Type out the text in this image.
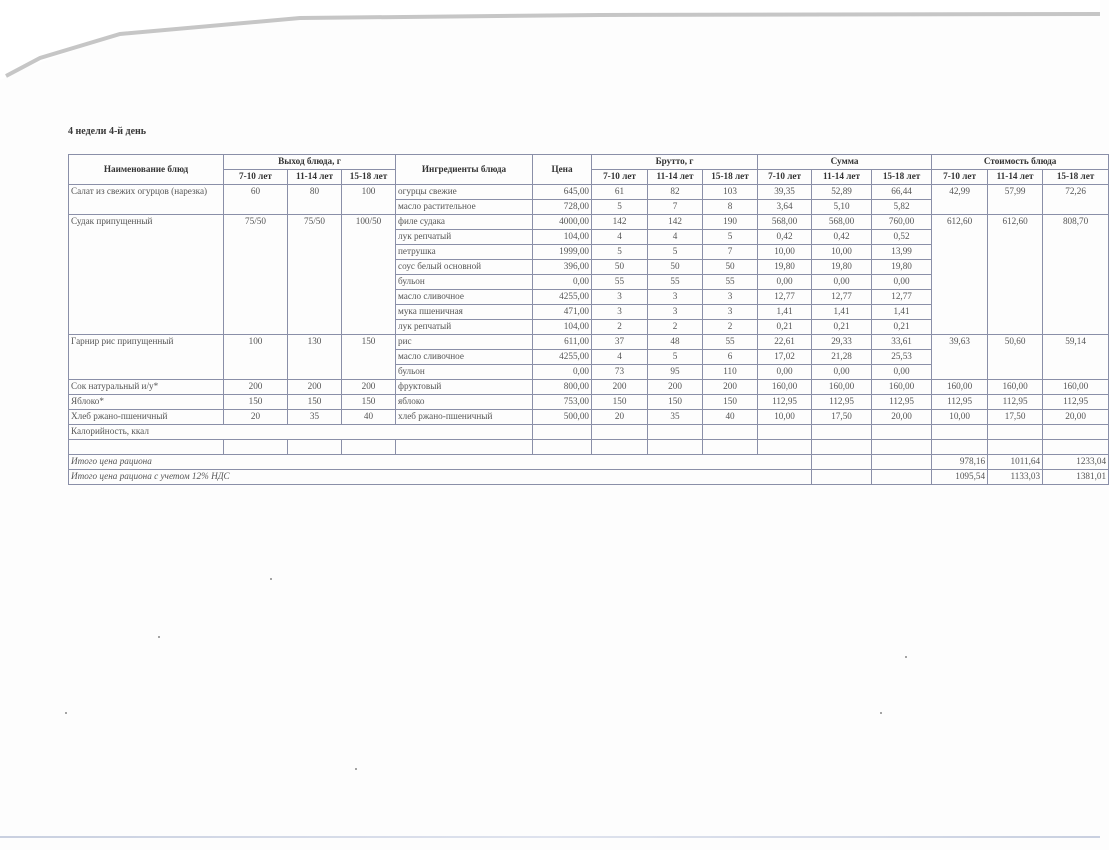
4 недели 4-й день
Наименование блюд	Выход блюда, г			Ингредиенты блюда	Цена	Брутто, г			Сумма			Стоимость блюда		
	7-10 лет	11-14 лет	15-18 лет			7-10 лет	11-14 лет	15-18 лет	7-10 лет	11-14 лет	15-18 лет	7-10 лет	11-14 лет	15-18 лет
Салат из свежих огурцов (нарезка)	60	80	100	огурцы свежие	645,00	61	82	103	39,35	52,89	66,44	42,99	57,99	72,26
				масло растительное	728,00	5	7	8	3,64	5,10	5,82			
Судак припущенный	75/50	75/50	100/50	филе судака	4000,00	142	142	190	568,00	568,00	760,00	612,60	612,60	808,70
				лук репчатый	104,00	4	4	5	0,42	0,42	0,52			
				петрушка	1999,00	5	5	7	10,00	10,00	13,99			
				соус белый основной	396,00	50	50	50	19,80	19,80	19,80			
				бульон	0,00	55	55	55	0,00	0,00	0,00			
				масло сливочное	4255,00	3	3	3	12,77	12,77	12,77			
				мука пшеничная	471,00	3	3	3	1,41	1,41	1,41			
				лук репчатый	104,00	2	2	2	0,21	0,21	0,21			
Гарнир рис припущенный	100	130	150	рис	611,00	37	48	55	22,61	29,33	33,61	39,63	50,60	59,14
				масло сливочное	4255,00	4	5	6	17,02	21,28	25,53			
				бульон	0,00	73	95	110	0,00	0,00	0,00			
Сок натуральный и/у*	200	200	200	фруктовый	800,00	200	200	200	160,00	160,00	160,00	160,00	160,00	160,00
Яблоко*	150	150	150	яблоко	753,00	150	150	150	112,95	112,95	112,95	112,95	112,95	112,95
Хлеб ржано-пшеничный	20	35	40	хлеб ржано-пшеничный	500,00	20	35	40	10,00	17,50	20,00	10,00	17,50	20,00
Калорийность, ккал														

Итого цена рациона												978,16	1011,64	1233,04
Итого цена рациона с учетом 12% НДС												1095,54	1133,03	1381,01
